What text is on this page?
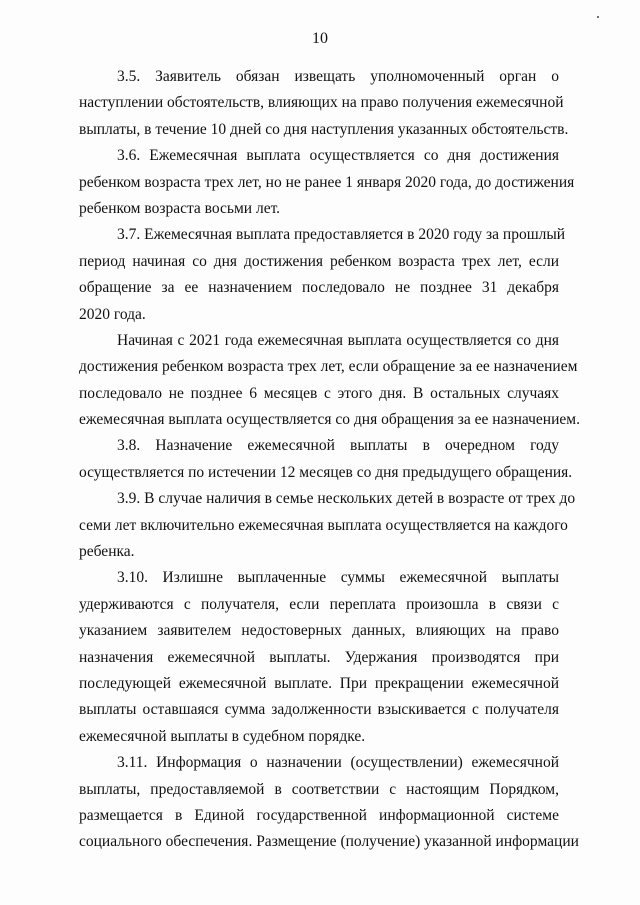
10
3.5. Заявитель обязан извещать уполномоченный орган о
наступлении обстоятельств, влияющих на право получения ежемесячной
выплаты, в течение 10 дней со дня наступления указанных обстоятельств.
3.6. Ежемесячная выплата осуществляется со дня достижения
ребенком возраста трех лет, но не ранее 1 января 2020 года, до достижения
ребенком возраста восьми лет.
3.7. Ежемесячная выплата предоставляется в 2020 году за прошлый
период начиная со дня достижения ребенком возраста трех лет, если
обращение за ее назначением последовало не позднее 31 декабря
2020 года.
Начиная с 2021 года ежемесячная выплата осуществляется со дня
достижения ребенком возраста трех лет, если обращение за ее назначением
последовало не позднее 6 месяцев с этого дня. В остальных случаях
ежемесячная выплата осуществляется со дня обращения за ее назначением.
3.8. Назначение ежемесячной выплаты в очередном году
осуществляется по истечении 12 месяцев со дня предыдущего обращения.
3.9. В случае наличия в семье нескольких детей в возрасте от трех до
семи лет включительно ежемесячная выплата осуществляется на каждого
ребенка.
3.10. Излишне выплаченные суммы ежемесячной выплаты
удерживаются с получателя, если переплата произошла в связи с
указанием заявителем недостоверных данных, влияющих на право
назначения ежемесячной выплаты. Удержания производятся при
последующей ежемесячной выплате. При прекращении ежемесячной
выплаты оставшаяся сумма задолженности взыскивается с получателя
ежемесячной выплаты в судебном порядке.
3.11. Информация о назначении (осуществлении) ежемесячной
выплаты, предоставляемой в соответствии с настоящим Порядком,
размещается в Единой государственной информационной системе
социального обеспечения. Размещение (получение) указанной информации
